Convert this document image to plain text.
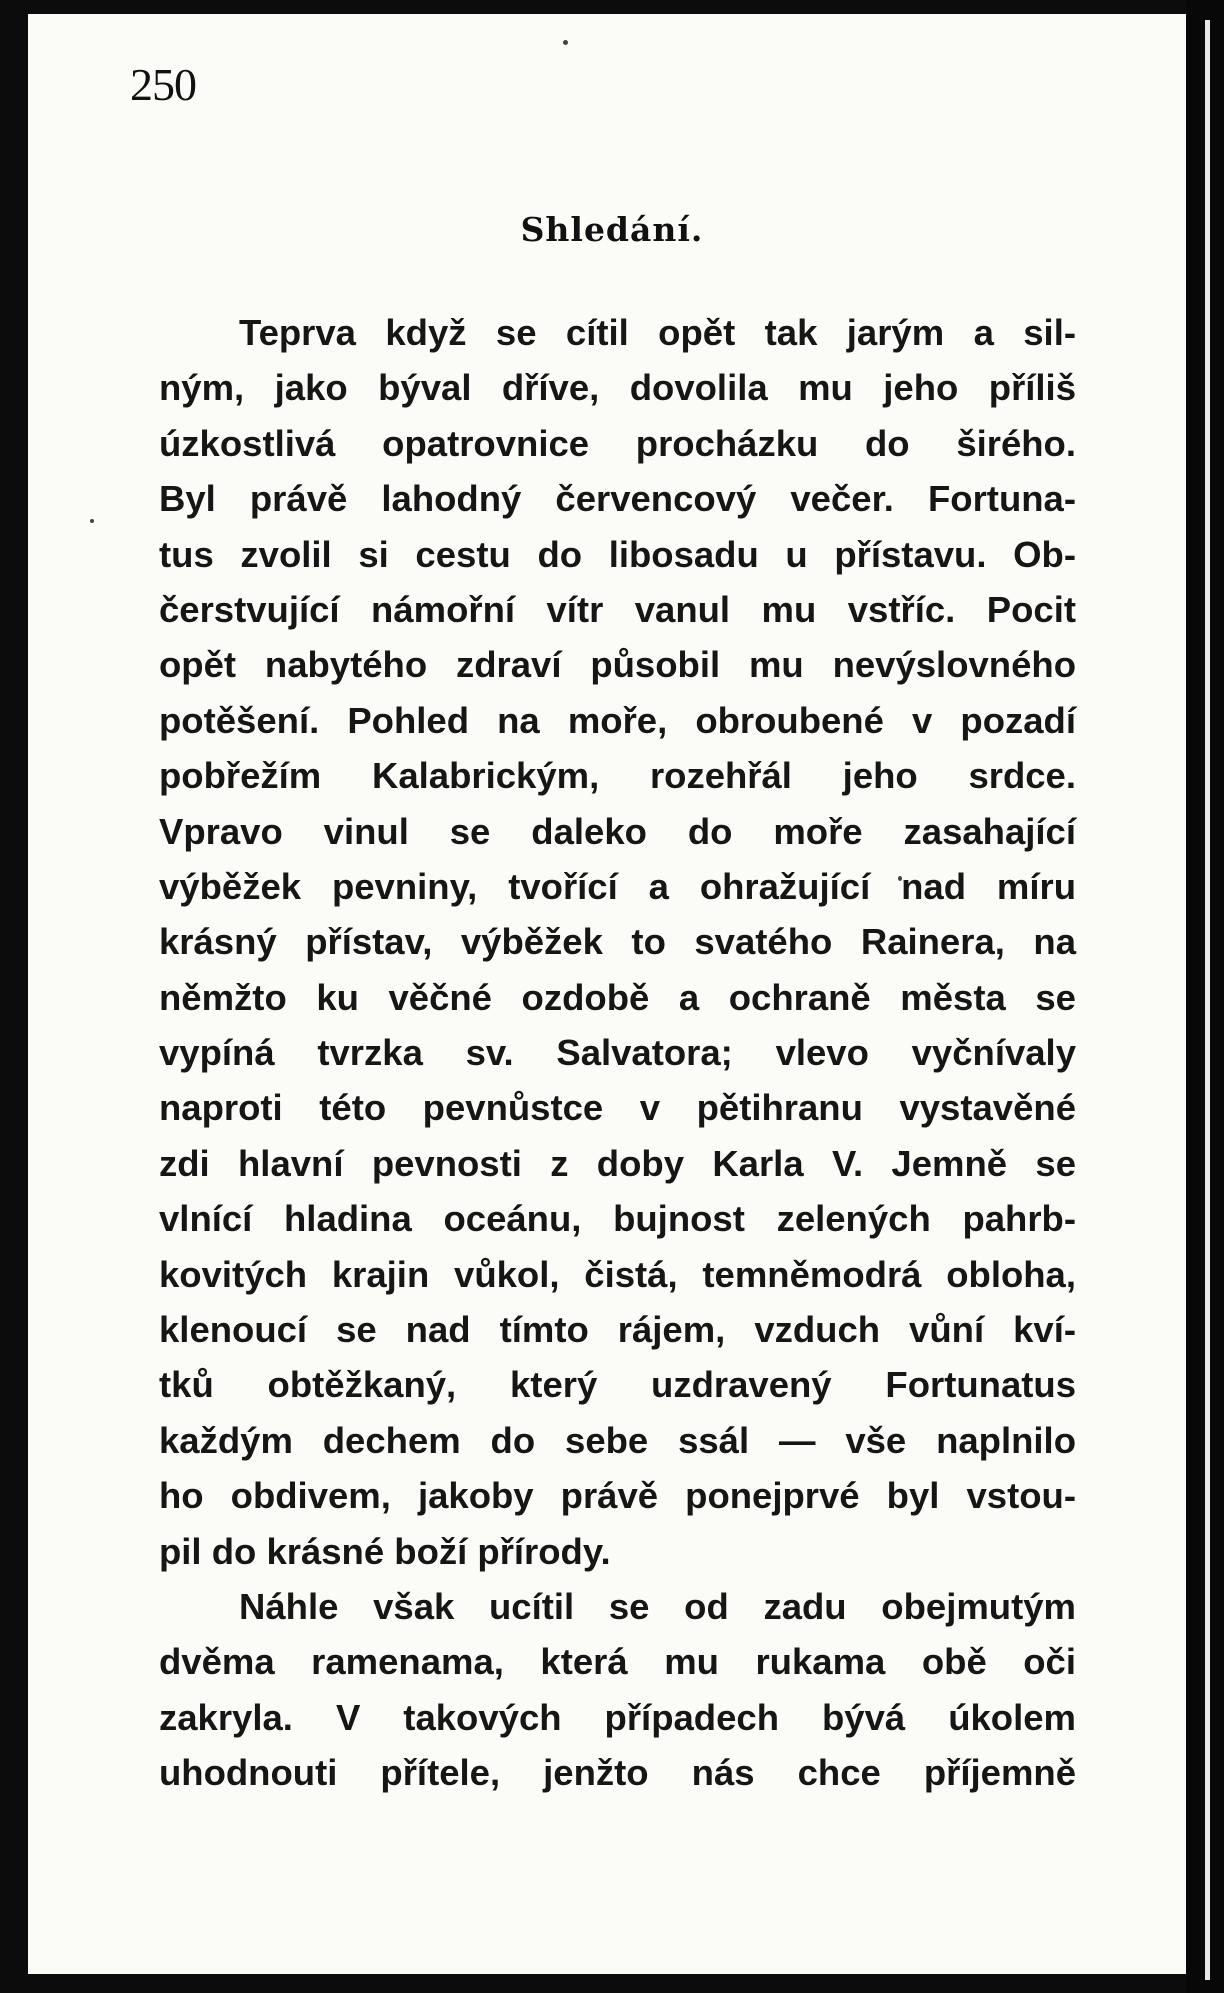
250
Shledání.
Teprva když se cítil opět tak jarým a sil-
ným, jako býval dříve, dovolila mu jeho příliš
úzkostlivá opatrovnice procházku do širého.
Byl právě lahodný červencový večer. Fortuna-
tus zvolil si cestu do libosadu u přístavu. Ob-
čerstvující námořní vítr vanul mu vstříc. Pocit
opět nabytého zdraví působil mu nevýslovného
potěšení. Pohled na moře, obroubené v pozadí
pobřežím Kalabrickým, rozehřál jeho srdce.
Vpravo vinul se daleko do moře zasahající
výběžek pevniny, tvořící a ohražující nad míru
krásný přístav, výběžek to svatého Rainera, na
němžto ku věčné ozdobě a ochraně města se
vypíná tvrzka sv. Salvatora; vlevo vyčnívaly
naproti této pevnůstce v pětihranu vystavěné
zdi hlavní pevnosti z doby Karla V. Jemně se
vlnící hladina oceánu, bujnost zelených pahrb-
kovitých krajin vůkol, čistá, temněmodrá obloha,
klenoucí se nad tímto rájem, vzduch vůní kví-
tků obtěžkaný, který uzdravený Fortunatus
každým dechem do sebe ssál — vše naplnilo
ho obdivem, jakoby právě ponejprvé byl vstou-
pil do krásné boží přírody.
Náhle však ucítil se od zadu obejmutým
dvěma ramenama, která mu rukama obě oči
zakryla. V takových případech bývá úkolem
uhodnouti přítele, jenžto nás chce příjemně
